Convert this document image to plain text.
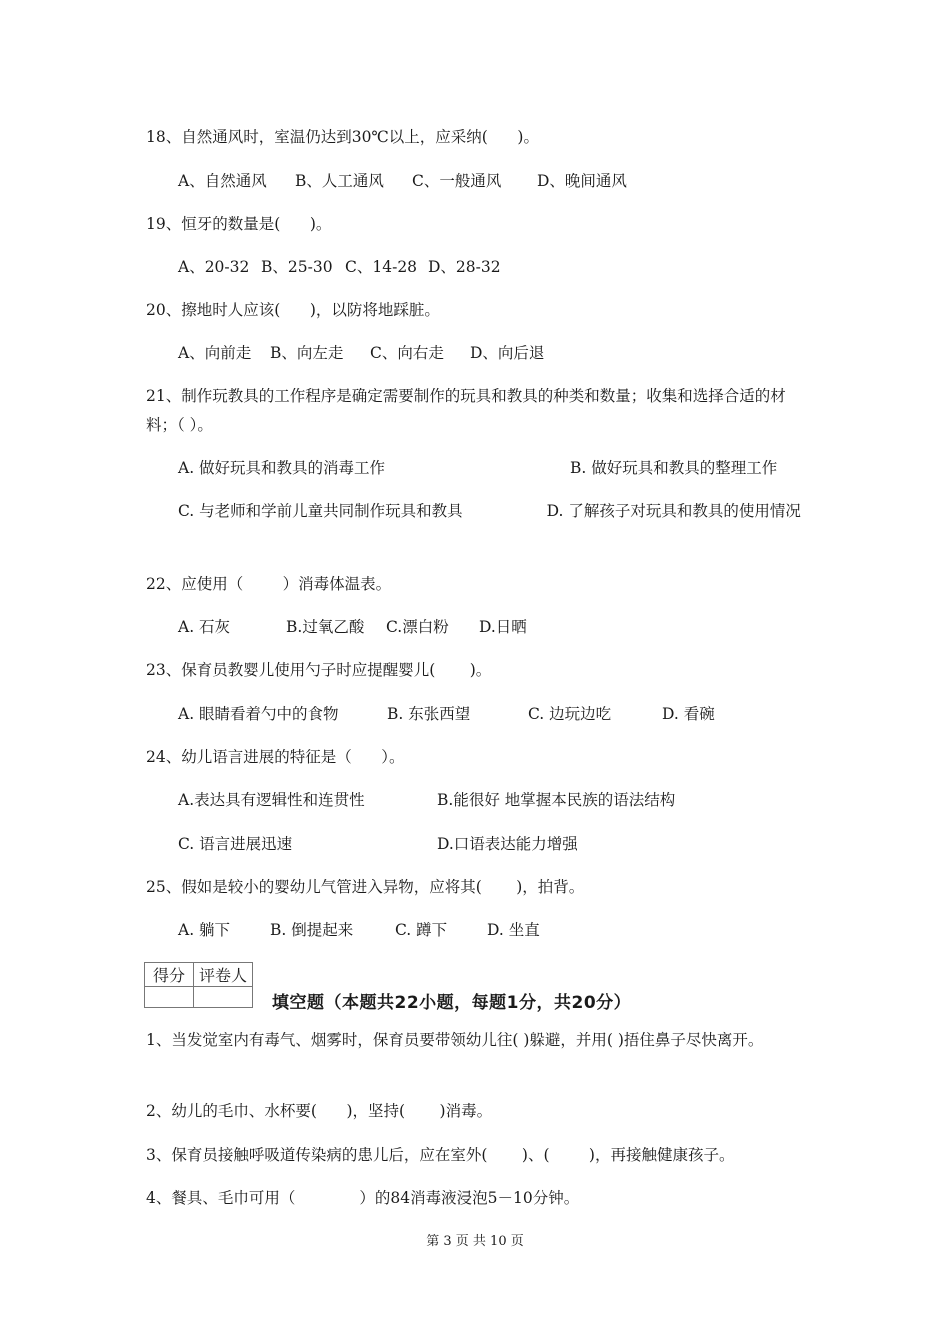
18、自然通风时，室温仍达到30℃以上，应采纳(      )。
A、自然通风 B、人工通风 C、一般通风 D、晚间通风
19、恒牙的数量是(      )。
A、20-32 B、25-30 C、14-28 D、28-32
20、擦地时人应该(      )，以防将地踩脏。
A、向前走 B、向左走 C、向右走 D、向后退
21、制作玩教具的工作程序是确定需要制作的玩具和教具的种类和数量；收集和选择合适的材料；（ ）。
A. 做好玩具和教具的消毒工作	B. 做好玩具和教具的整理工作
C. 与老师和学前儿童共同制作玩具和教具	D. 了解孩子对玩具和教具的使用情况
22、应使用（        ）消毒体温表。
A. 石灰	B.过氧乙酸 C.漂白粉 D.日晒
23、保育员教婴儿使用勺子时应提醒婴儿(       )。
A. 眼睛看着勺中的食物	B. 东张西望	C. 边玩边吃	D. 看碗
24、幼儿语言进展的特征是（      ）。
A.表达具有逻辑性和连贯性	B.能很好 地掌握本民族的语法结构
C. 语言进展迅速	D.口语表达能力增强
25、假如是较小的婴幼儿气管进入异物，应将其(       )，拍背。
A. 躺下	B. 倒提起来	C. 蹲下	D. 坐直
得分	评卷人

填空题（本题共22小题，每题1分，共20分）
1、当发觉室内有毒气、烟雾时，保育员要带领幼儿往( )躲避，并用( )捂住鼻子尽快离开。
2、幼儿的毛巾、水杯要(      )，坚持(       )消毒。
3、保育员接触呼吸道传染病的患儿后，应在室外(       )、(        )，再接触健康孩子。
4、餐具、毛巾可用（             ）的84消毒液浸泡5－10分钟。
第 3 页 共 10 页
